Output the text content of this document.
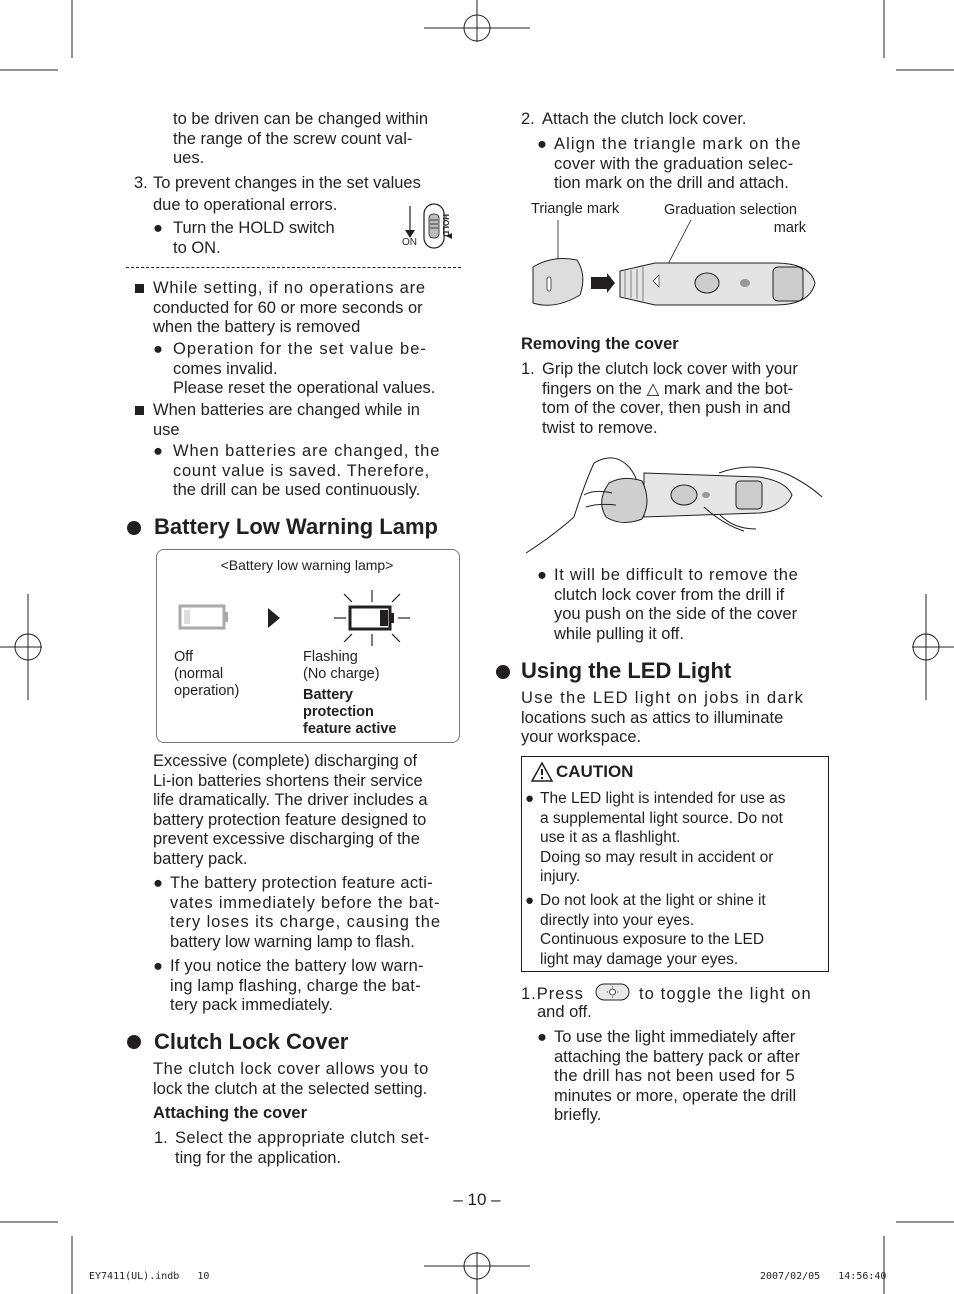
to be driven can be changed within
the range of the screw count val-
ues.
3. To prevent changes in the set values
due to operational errors.
● Turn the HOLD switch
to ON.	ON
HOLD
While setting, if no operations are
conducted for 60 or more seconds or
when the battery is removed
● Operation for the set value be-
comes invalid.
Please reset the operational values.
When batteries are changed while in
use
● When batteries are changed, the
count value is saved. Therefore,
the drill can be used continuously.
Battery Low Warning Lamp
<Battery low warning lamp>
Off
(normal
operation)
Flashing
(No charge)
Battery
protection
feature active
Excessive (complete) discharging of
Li-ion batteries shortens their service
life dramatically. The driver includes a
battery protection feature designed to
prevent excessive discharging of the
battery pack.
● The battery protection feature acti-
vates immediately before the bat-
tery loses its charge, causing the
battery low warning lamp to flash.
● If you notice the battery low warn-
ing lamp flashing, charge the bat-
tery pack immediately.
Clutch Lock Cover
The clutch lock cover allows you to
lock the clutch at the selected setting.
Attaching the cover
1. Select the appropriate clutch set-
ting for the application.
2. Attach the clutch lock cover.
● Align the triangle mark on the
cover with the graduation selec-
tion mark on the drill and attach.
Triangle mark	Graduation selection
mark
Removing the cover
1. Grip the clutch lock cover with your
fingers on the △ mark and the bot-
tom of the cover, then push in and
twist to remove.
● It will be difficult to remove the
clutch lock cover from the drill if
you push on the side of the cover
while pulling it off.
Using the LED Light
Use the LED light on jobs in dark
locations such as attics to illuminate
your workspace.
CAUTION
● The LED light is intended for use as
a supplemental light source. Do not
use it as a flashlight.
Doing so may result in accident or
injury.
● Do not look at the light or shine it
directly into your eyes.
Continuous exposure to the LED
light may damage your eyes.
1.Press	to toggle the light on
and off.
● To use the light immediately after
attaching the battery pack or after
the drill has not been used for 5
minutes or more, operate the drill
briefly.
– 10 –
EY7411(UL).indb   10	2007/02/05   14:56:40
